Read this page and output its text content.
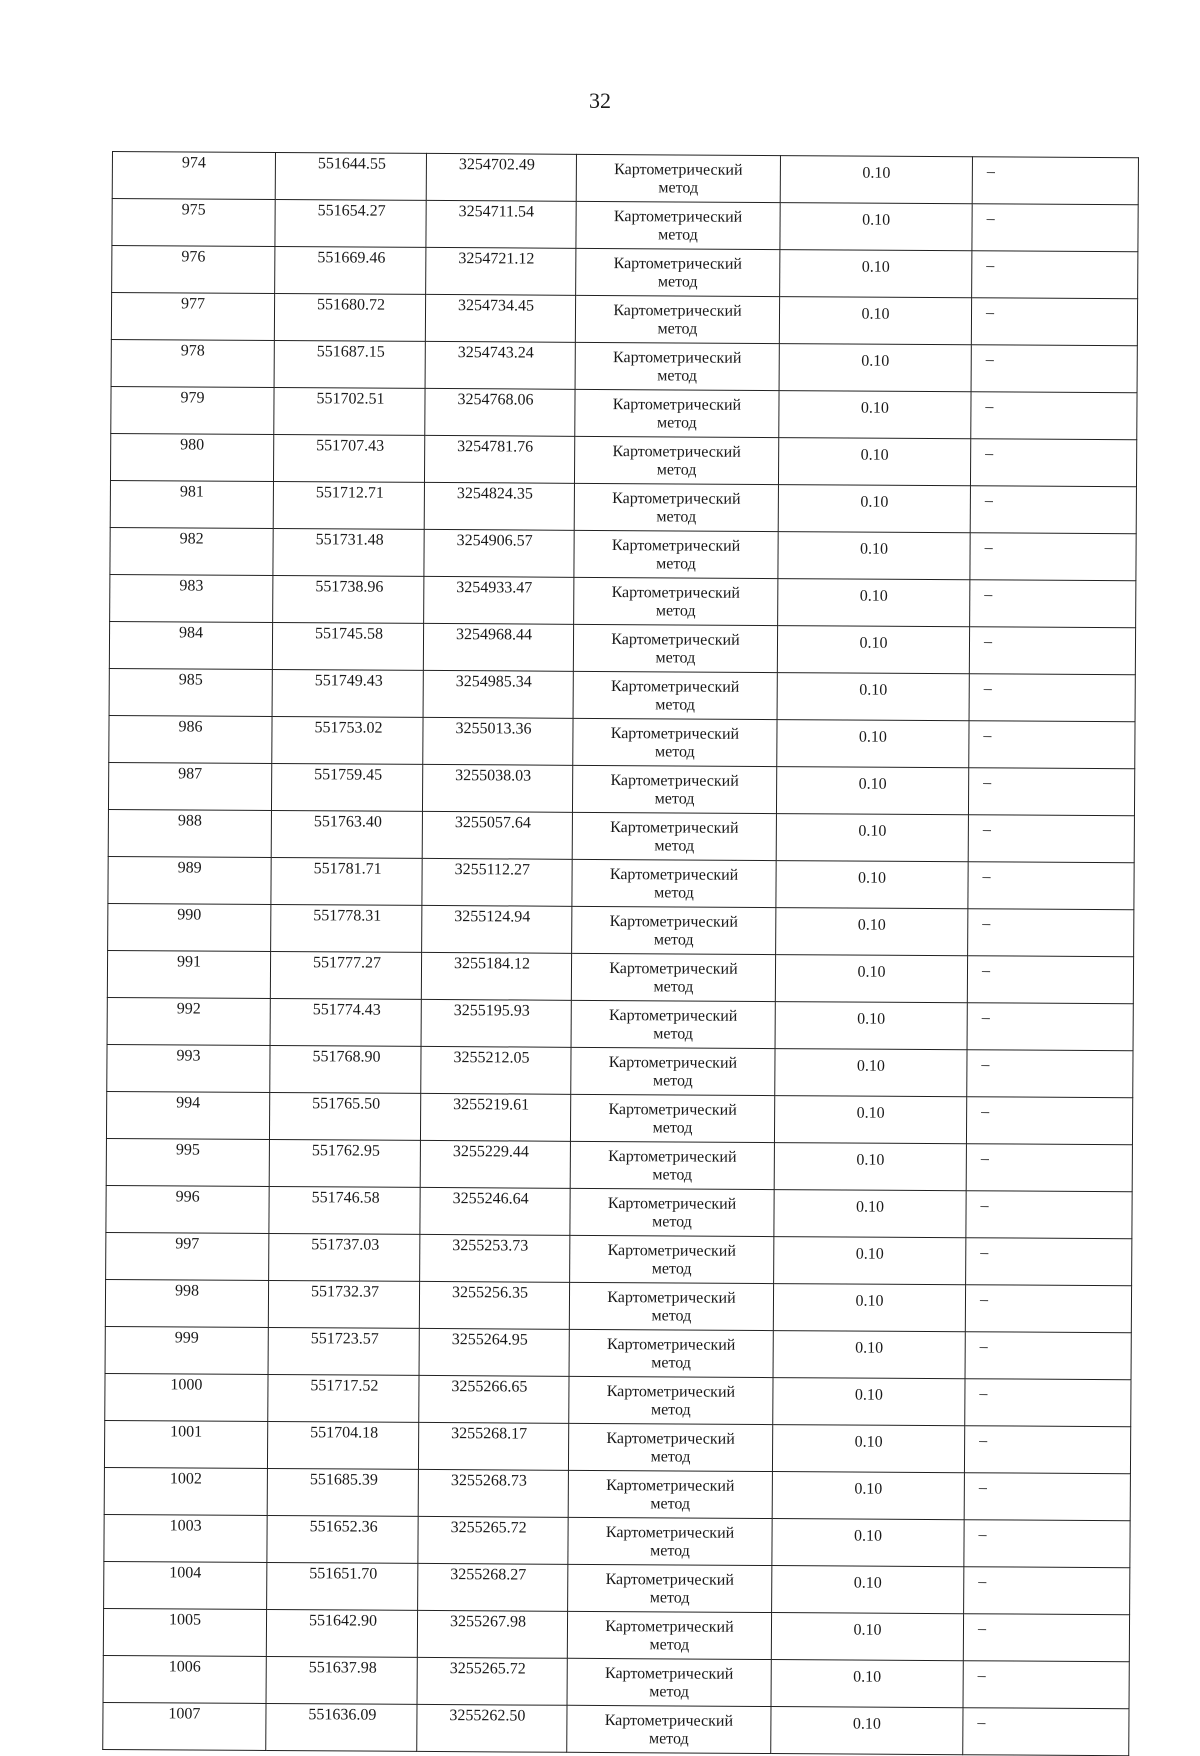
32
974	551644.55	3254702.49	Картометрический метод	0.10	–
975	551654.27	3254711.54	Картометрический метод	0.10	–
976	551669.46	3254721.12	Картометрический метод	0.10	–
977	551680.72	3254734.45	Картометрический метод	0.10	–
978	551687.15	3254743.24	Картометрический метод	0.10	–
979	551702.51	3254768.06	Картометрический метод	0.10	–
980	551707.43	3254781.76	Картометрический метод	0.10	–
981	551712.71	3254824.35	Картометрический метод	0.10	–
982	551731.48	3254906.57	Картометрический метод	0.10	–
983	551738.96	3254933.47	Картометрический метод	0.10	–
984	551745.58	3254968.44	Картометрический метод	0.10	–
985	551749.43	3254985.34	Картометрический метод	0.10	–
986	551753.02	3255013.36	Картометрический метод	0.10	–
987	551759.45	3255038.03	Картометрический метод	0.10	–
988	551763.40	3255057.64	Картометрический метод	0.10	–
989	551781.71	3255112.27	Картометрический метод	0.10	–
990	551778.31	3255124.94	Картометрический метод	0.10	–
991	551777.27	3255184.12	Картометрический метод	0.10	–
992	551774.43	3255195.93	Картометрический метод	0.10	–
993	551768.90	3255212.05	Картометрический метод	0.10	–
994	551765.50	3255219.61	Картометрический метод	0.10	–
995	551762.95	3255229.44	Картометрический метод	0.10	–
996	551746.58	3255246.64	Картометрический метод	0.10	–
997	551737.03	3255253.73	Картометрический метод	0.10	–
998	551732.37	3255256.35	Картометрический метод	0.10	–
999	551723.57	3255264.95	Картометрический метод	0.10	–
1000	551717.52	3255266.65	Картометрический метод	0.10	–
1001	551704.18	3255268.17	Картометрический метод	0.10	–
1002	551685.39	3255268.73	Картометрический метод	0.10	–
1003	551652.36	3255265.72	Картометрический метод	0.10	–
1004	551651.70	3255268.27	Картометрический метод	0.10	–
1005	551642.90	3255267.98	Картометрический метод	0.10	–
1006	551637.98	3255265.72	Картометрический метод	0.10	–
1007	551636.09	3255262.50	Картометрический метод	0.10	–
